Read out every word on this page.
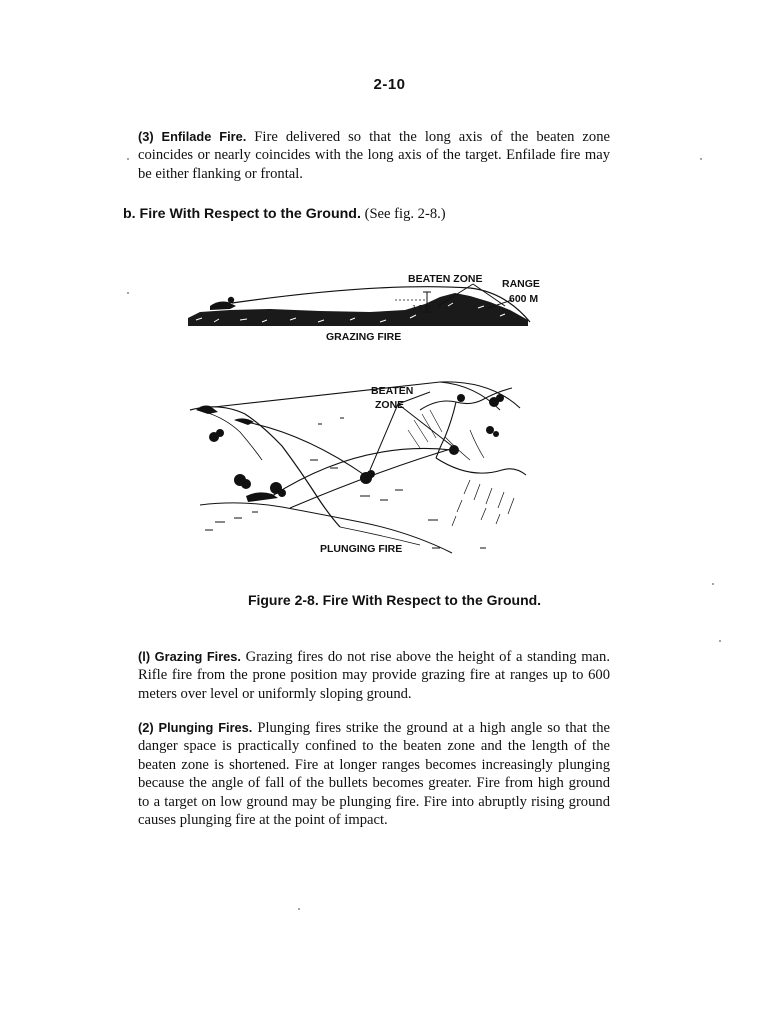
2-10

(3) Enfilade Fire. Fire delivered so that the long axis of the beaten zone coincides or nearly coincides with the long axis of the target. Enfilade fire may be either flanking or frontal.

b. Fire With Respect to the Ground. (See fig. 2-8.)

BEATEN ZONE RANGE
600 M
1.8 M
GRAZING FIRE
BEATEN
ZONE
PLUNGING FIRE

Figure 2-8. Fire With Respect to the Ground.

(l) Grazing Fires. Grazing fires do not rise above the height of a standing man. Rifle fire from the prone position may provide grazing fire at ranges up to 600 meters over level or uniformly sloping ground.

(2) Plunging Fires. Plunging fires strike the ground at a high angle so that the danger space is practically confined to the beaten zone and the length of the beaten zone is shortened. Fire at longer ranges becomes increasingly plunging because the angle of fall of the bullets becomes greater. Fire from high ground to a target on low ground may be plunging fire. Fire into abruptly rising ground causes plunging fire at the point of impact.
